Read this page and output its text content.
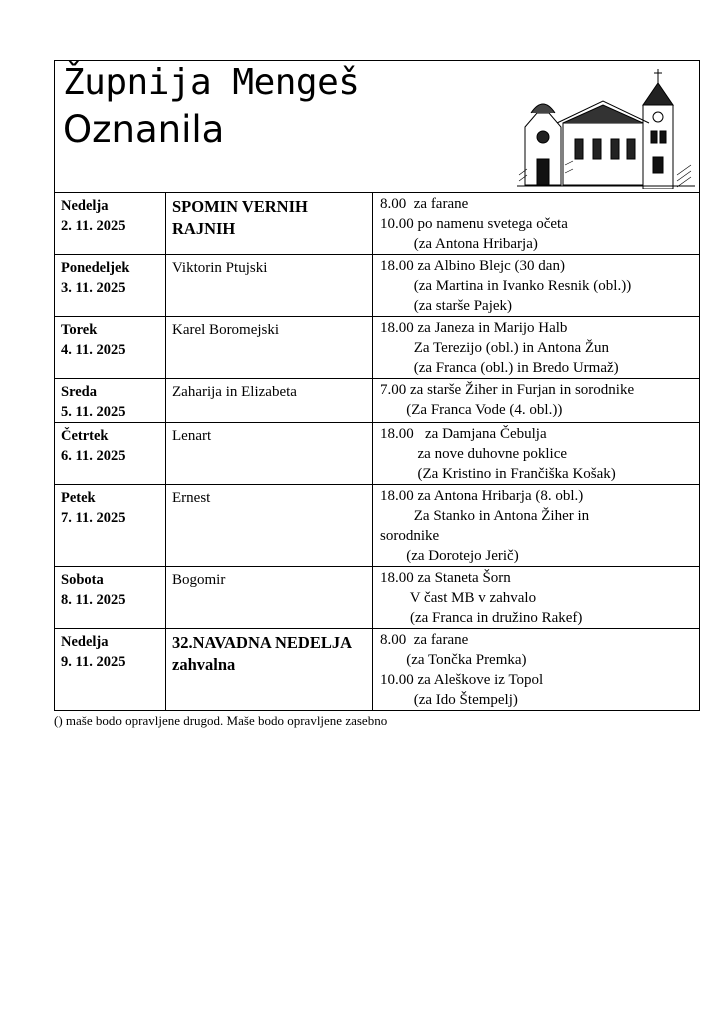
Župnija Mengeš
Oznanila
Nedelja
2. 11. 2025	SPOMIN VERNIH RAJNIH	8.00  za farane
10.00 po namenu svetega očeta
(za Antona Hribarja)

Ponedeljek
3. 11. 2025	Viktorin Ptujski	18.00 za Albino Blejc (30 dan)
(za Martina in Ivanko Resnik (obl.))
(za starše Pajek)

Torek
4. 11. 2025	Karel Boromejski	18.00 za Janeza in Marijo Halb
Za Terezijo (obl.) in Antona Žun
(za Franca (obl.) in Bredo Urmaž)

Sreda
5. 11. 2025	Zaharija in Elizabeta	7.00 za starše Žiher in Furjan in sorodnike
(Za Franca Vode (4. obl.))

Četrtek
6. 11. 2025	Lenart	18.00   za Damjana Čebulja
za nove duhovne poklice
(Za Kristino in Frančiška Košak)

Petek
7. 11. 2025	Ernest	18.00 za Antona Hribarja (8. obl.)
Za Stanko in Antona Žiher in
sorodnike
(za Dorotejo Jerič)

Sobota
8. 11. 2025	Bogomir	18.00 za Staneta Šorn
V čast MB v zahvalo
(za Franca in družino Rakef)

Nedelja
9. 11. 2025	32.NAVADNA NEDELJA zahvalna	8.00  za farane
(za Tončka Premka)
10.00 za Aleškove iz Topol
(za Ido Štempelj)
() maše bodo opravljene drugod. Maše bodo opravljene zasebno
